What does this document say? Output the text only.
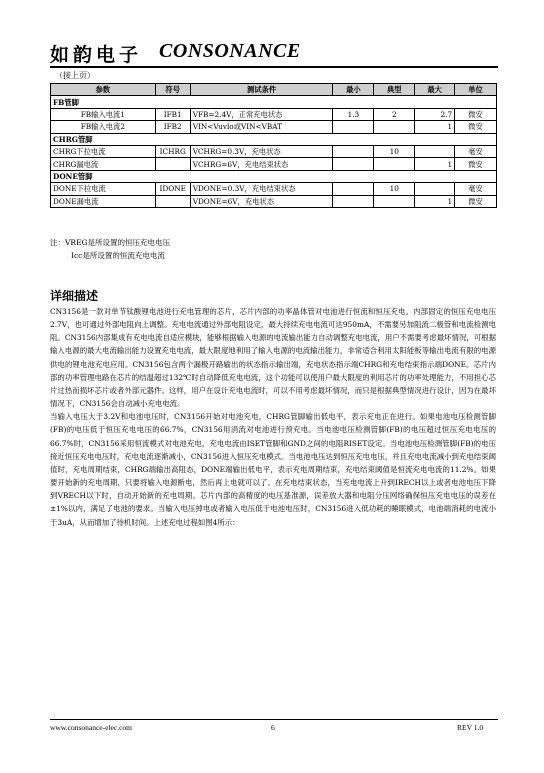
如韵电子 CONSONANCE
（接上页）
参数	符号	测试条件	最小	典型	最大	单位
FB管脚						
FB输入电流1	IFB1	VFB=2.4V，正常充电状态	1.3	2	2.7	微安
FB输入电流2	IFB2	VIN<Vuvlo或VIN<VBAT			1	微安
CHRG管脚						
CHRG下拉电流	ICHRG	VCHRG=0.3V，充电状态		10		毫安
CHRG漏电流		VCHRG=6V，充电结束状态			1	微安
DONE管脚						
DONE下拉电流	IDONE	VDONE=0.3V，充电结束状态		10		毫安
DONE漏电流		VDONE=6V，充电状态			1	微安
注：VREG是所设置的恒压充电电压
Icc是所设置的恒流充电电流
详细描述

CN3156是一款对单节钛酸锂电池进行充电管理的芯片，芯片内部的功率晶体管对电池进行恒流和恒压充电。内部固定的恒压充电电压2.7V，也可通过外部电阻向上调整。充电电流通过外部电阻设定，最大持续充电电流可达950mA，不需要另加阻流二极管和电流检测电阻。CN3156内部集成有充电电流自适应模块，能够根据输入电源的电流输出能力自动调整充电电流，用户不需要考虑最坏情况，可根据输入电源的最大电流输出能力设置充电电流，最大限度地利用了输入电源的电流输出能力，非常适合利用太阳能板等输出电流有限的电源供电的锂电池充电应用。CN3156包含两个漏极开路输出的状态指示输出端，充电状态指示端CHRG和充电结束指示端DONE。芯片内部的功率管理电路在芯片的结温超过132℃时自动降低充电电流，这个功能可以使用户最大限度的利用芯片的功率处理能力，不用担心芯片过热而损坏芯片或者外部元器件。这样，用户在设计充电电流时，可以不用考虑最坏情况，而只是根据典型情况进行设计，因为在最坏情况下，CN3156会自动减小充电电流。

当输入电压大于3.2V和电池电压时，CN3156开始对电池充电，CHRG管脚输出低电平，表示充电正在进行。如果电池电压检测管脚(FB)的电压低于恒压充电电压的66.7%，CN3156用涓流对电池进行预充电。当电池电压检测管脚(FB)的电压超过恒压充电电压的66.7%时，CN3156采用恒流模式对电池充电，充电电流由ISET管脚和GND之间的电阻RISET设定。当电池电压检测管脚(FB)的电压接近恒压充电电压时，充电电流逐渐减小，CN3156进入恒压充电模式。当电池电压达到恒压充电电压，并且充电电流减小到充电结束阈值时，充电周期结束，CHRG端输出高阻态，DONE端输出低电平，表示充电周期结束，充电结束阈值是恒流充电电流的11.2%。如果要开始新的充电周期，只要将输入电源断电，然后再上电就可以了。在充电结束状态，当充电电流上升到IRECH以上或者电池电压下降到VRECH以下时，自动开始新的充电周期。芯片内部的高精度的电压基准源，误差放大器和电阻分压网络确保恒压充电电压的误差在±1%以内，满足了电池的要求。当输入电压掉电或者输入电压低于电池电压时，CN3156进入低功耗的睡眠模式，电池端消耗的电流小于3uA，从而增加了待机时间。上述充电过程如图4所示：

www.consonance-elec.com	6	REV 1.0
